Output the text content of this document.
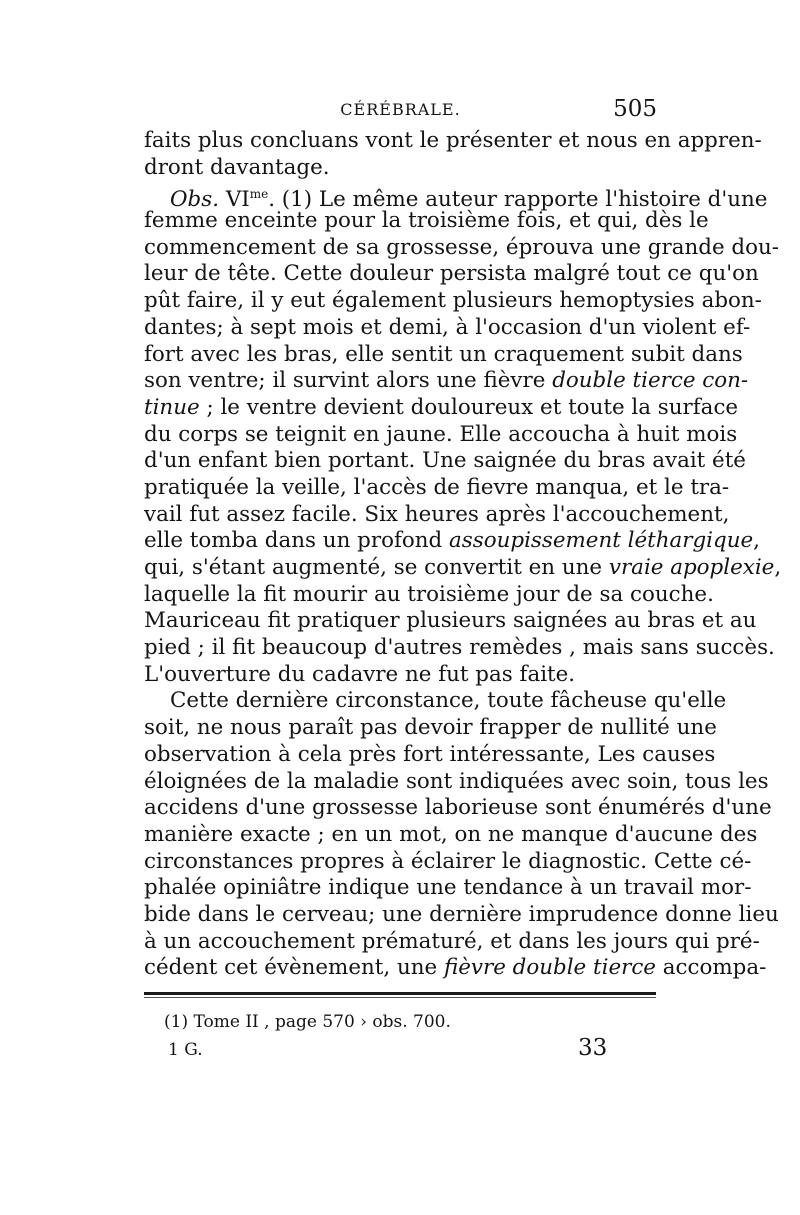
CÉRÉBRALE.	505
faits plus concluans vont le présenter et nous en appren-
dront davantage.
Obs. $VI^{me}$. (1) Le même auteur rapporte l'histoire d'une
femme enceinte pour la troisième fois, et qui, dès le
commencement de sa grossesse, éprouva une grande dou-
leur de tête. Cette douleur persista malgré tout ce qu'on
pût faire, il y eut également plusieurs hemoptysies abon-
dantes; à sept mois et demi, à l'occasion d'un violent ef-
fort avec les bras, elle sentit un craquement subit dans
son ventre; il survint alors une fièvre double tierce con-
tinue ; le ventre devient douloureux et toute la surface
du corps se teignit en jaune. Elle accoucha à huit mois
d'un enfant bien portant. Une saignée du bras avait été
pratiquée la veille, l'accès de fievre manqua, et le tra-
vail fut assez facile. Six heures après l'accouchement,
elle tomba dans un profond assoupissement léthargique,
qui, s'étant augmenté, se convertit en une vraie apoplexie,
laquelle la fit mourir au troisième jour de sa couche.
Mauriceau fit pratiquer plusieurs saignées au bras et au
pied ; il fit beaucoup d'autres remèdes , mais sans succès.
L'ouverture du cadavre ne fut pas faite.
Cette dernière circonstance, toute fâcheuse qu'elle
soit, ne nous paraît pas devoir frapper de nullité une
observation à cela près fort intéressante, Les causes
éloignées de la maladie sont indiquées avec soin, tous les
accidens d'une grossesse laborieuse sont énumérés d'une
manière exacte ; en un mot, on ne manque d'aucune des
circonstances propres à éclairer le diagnostic. Cette cé-
phalée opiniâtre indique une tendance à un travail mor-
bide dans le cerveau; une dernière imprudence donne lieu
à un accouchement prématuré, et dans les jours qui pré-
cédent cet évènement, une fièvre double tierce accompa-
(1) Tome II , page 570 › obs. 700.
1 G.	33
